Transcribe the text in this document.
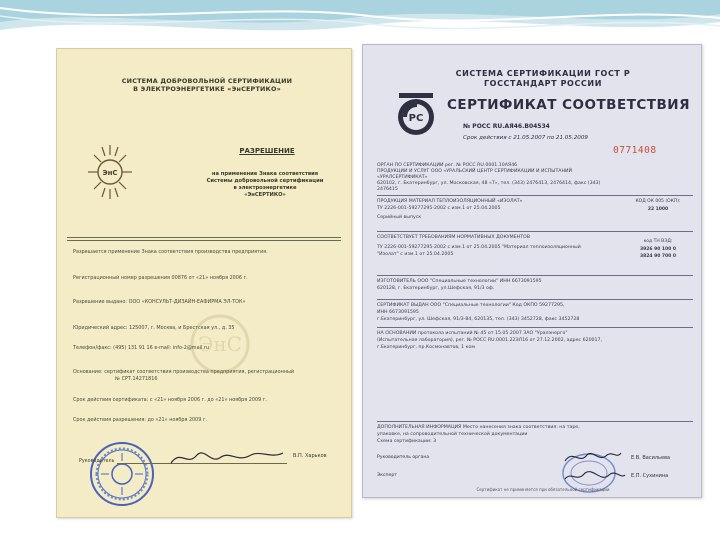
СИСТЕМА ДОБРОВОЛЬНОЙ СЕРТИФИКАЦИИ
В ЭЛЕКТРОЭНЕРГЕТИКЕ «ЭнСЕРТИКО»
ЭнС
РАЗРЕШЕНИЕ
на применение Знака соответствия
Системы добровольной сертификации
в электроэнергетике
«ЭнСЕРТИКО»
ЭнС
Разрешается применение Знака соответствия производства предприятия.
Регистрационный номер разрешения 00876 от «21» ноября 2006 г.
Разрешение выдано: ООО «КОНСУЛЬТ-ДИЗАЙН-ЕАФИРМА ЭЛ-ТОК»
Юридический адрес: 125007, г. Москва, и Брестская ул., д. 35
Телефон/факс: (495) 131 91 16 e-mail: info-2@mail.ru
Основание: сертификат соответствия производства предприятия, регистрационный
№ СРТ.14271816
Срок действия сертификата: с «21» ноября 2006 г. до «21» ноября 2009 г.
Срок действия разрешения: до «21» ноября 2009 г.
Руководитель
В.П. Харьков
СИСТЕМА СЕРТИФИКАЦИИ ГОСТ Р
ГОССТАНДАРТ РОССИИ
PC
СЕРТИФИКАТ СООТВЕТСТВИЯ
№ РОСС RU.АЯ46.В04534
Срок действия с 21.05.2007 по 21.05.2009
0771408
ОРГАН ПО СЕРТИФИКАЦИИ рег. № РОСС RU.0001.10АЯ46
ПРОДУКЦИИ И УСЛУГ ООО «УРАЛЬСКИЙ ЦЕНТР СЕРТИФИКАЦИИ И ИСПЫТАНИЙ
«УРАЛСЕРТИФИКАТ»
620102, г. Екатеринбург, ул. Московская, 48 «Т», тел. (343) 2476413, 2476414, факс (343)
2476415
ПРОДУКЦИЯ МАТЕРИАЛ ТЕПЛОИЗОЛЯЦИОННЫЙ «ИЗОЛАТ»
ТУ 2226-001-59277295-2002 с изм.1 от 25.04.2005
Серийный выпуск
СООТВЕТСТВУЕТ ТРЕБОВАНИЯМ НОРМАТИВНЫХ ДОКУМЕНТОВ
ТУ 2226-001-59277295-2002 с изм.1 от 25.04.2005 "Материал теплоизоляционный
"Изолат" с изм.1 от 25.04.2005
ИЗГОТОВИТЕЛЬ ООО "Специальные технологии" ИНН 6673091595
620128, г. Екатеринбург, ул.Шефская, 91/3 оф.
СЕРТИФИКАТ ВЫДАН ООО "Специальные технологии" Код ОКПО 59277295,
ИНН 6673091595
г.Екатеринбург, ул. Шефская, 91/3-84, 620135, тел. (343) 3452728, факс 3452728
НА ОСНОВАНИИ протокола испытаний № 45 от 15.05.2007 ЗАО "Уралэнерго"
(Испытательная лаборатория), рег. № РОСС RU.0001.22ЭЛ16 от 27.12.2002, адрес 620017,
г.Екатеринбург, пр.Космонавтов, 1 ком
ДОПОЛНИТЕЛЬНАЯ ИНФОРМАЦИЯ Место нанесения знака соответствия: на таре,
упаковке, на сопроводительной технической документации
Схема сертификации: 3
КОД ОК 005 (ОКП):
22 1000
код ТН ВЭД:
3926 90 100 0
3824 90 700 0
Руководитель органа
Эксперт
Е.В. Васильева
Е.П. Сухинина
Сертификат не применяется при обязательной сертификации
